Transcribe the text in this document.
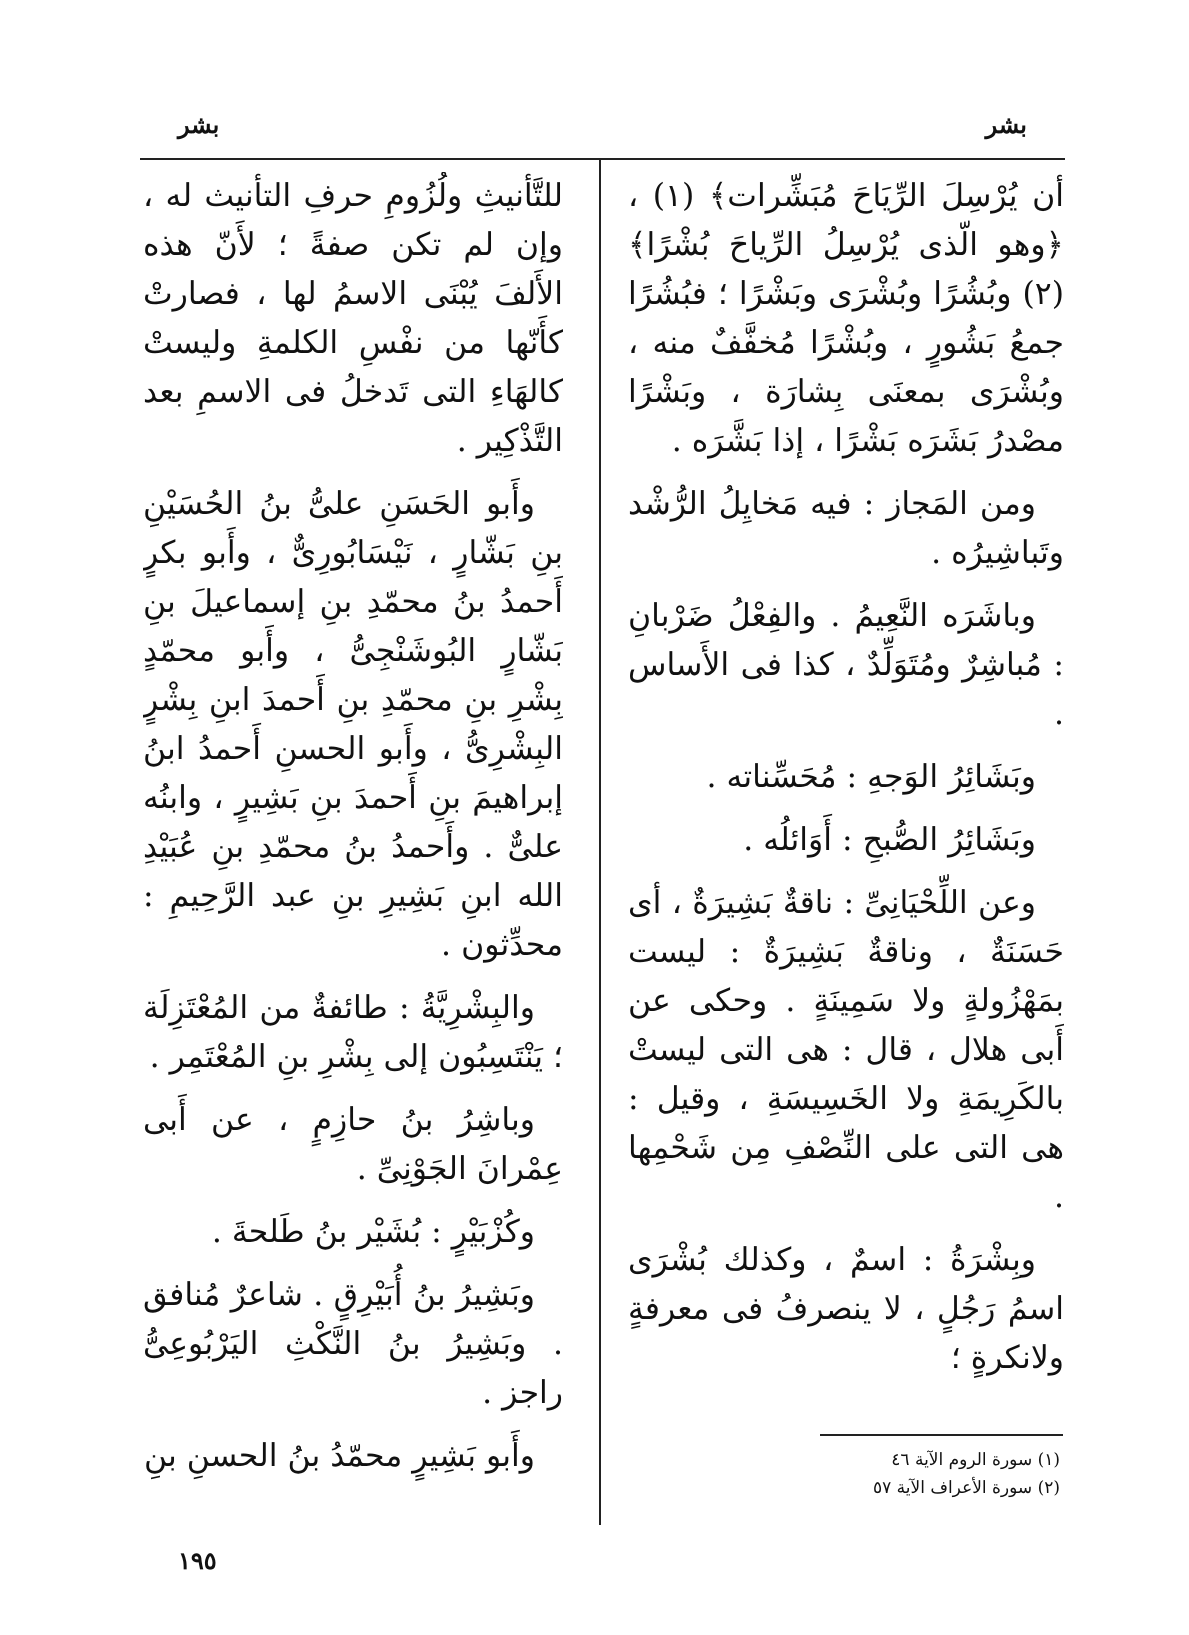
بشر
بشر

أن يُرْسِلَ الرِّيَاحَ مُبَشِّرات﴾ (١) ،﴿وهو الّذى يُرْسِلُ الرِّياحَ بُشْرًا﴾ (٢) وبُشُرًا وبُشْرَى وبَشْرًا ؛ فبُشُرًا جمعُ بَشُورٍ ، وبُشْرًا مُخفَّفٌ منه ، وبُشْرَى بمعنَى بِشارَة ، وبَشْرًا مصْدرُ بَشَرَه بَشْرًا ، إذا بَشَّرَه .

ومن المَجاز : فيه مَخايِلُ الرُّشْد وتَباشِيرُه .

وباشَرَه النَّعِيمُ . والفِعْلُ ضَرْبانِ : مُباشِرٌ ومُتَوَلِّدٌ ، كذا فى الأَساس .

وبَشَائِرُ الوَجهِ : مُحَسِّناته .

وبَشَائِرُ الصُّبحِ : أَوَائلُه .

وعن اللِّحْيَانِىِّ : ناقةٌ بَشِيرَةٌ ، أى حَسَنَةٌ ، وناقةٌ بَشِيرَةٌ : ليست بمَهْزُولةٍ ولا سَمِينَةٍ . وحكى عن أَبى هلال ، قال : هى التى ليستْ بالكَرِيمَةِ ولا الخَسِيسَةِ ، وقيل : هى التى على النِّصْفِ مِن شَحْمِها .

وبِشْرَةُ : اسمٌ ، وكذلك بُشْرَى اسمُ رَجُلٍ ، لا ينصرفُ فى معرفةٍ ولانكرةٍ ؛

للتَّأْنيثِ ولُزُومِ حرفِ التأْنيث له ، وإن لم تكن صفةً ؛ لأَنّ هذه الأَلفَ يُبْنَى الاسمُ لها ، فصارتْ كأَنّها من نفْسِ الكلمةِ وليستْ كالهَاءِ التى تَدخلُ فى الاسمِ بعد التَّذْكِير .

وأَبو الحَسَنِ علىُّ بنُ الحُسَيْنِ بنِ بَشّارٍ ، نَيْسَابُورِىٌّ ، وأَبو بكرٍ أَحمدُ بنُ محمّدِ بنِ إسماعيلَ بنِ بَشّارٍ البُوشَنْجِىُّ ، وأَبو محمّدٍ بِشْرِ بنِ محمّدِ بنِ أَحمدَ ابنِ بِشْرٍ البِشْرِىُّ ، وأَبو الحسنِ أَحمدُ ابنُ إبراهيمَ بنِ أَحمدَ بنِ بَشِيرٍ ، وابنُه علىٌّ . وأَحمدُ بنُ محمّدِ بنِ عُبَيْدِ الله ابنِ بَشِيرِ بنِ عبد الرَّحِيمِ : محدِّثون .

والبِشْرِيَّةُ : طائفةٌ من المُعْتَزِلَة ؛ يَنْتَسِبُون إلى بِشْرِ بنِ المُعْتَمِر .

وباشِرُ بنُ حازِمٍ ، عن أَبى عِمْرانَ الجَوْنِىِّ .

وكُزْبَيْرٍ : بُشَيْر بنُ طَلحةَ .

وبَشِيرُ بنُ أُبَيْرِقٍ . شاعرٌ مُنافق . وبَشِيرُ بنُ النَّكْثِ اليَرْبُوعِىُّ راجز .

وأَبو بَشِيرٍ محمّدُ بنُ الحسنِ بنِ	(١) سورة الروم الآية ٤٦
(٢) سورة الأعراف الآية ٥٧
١٩٥
